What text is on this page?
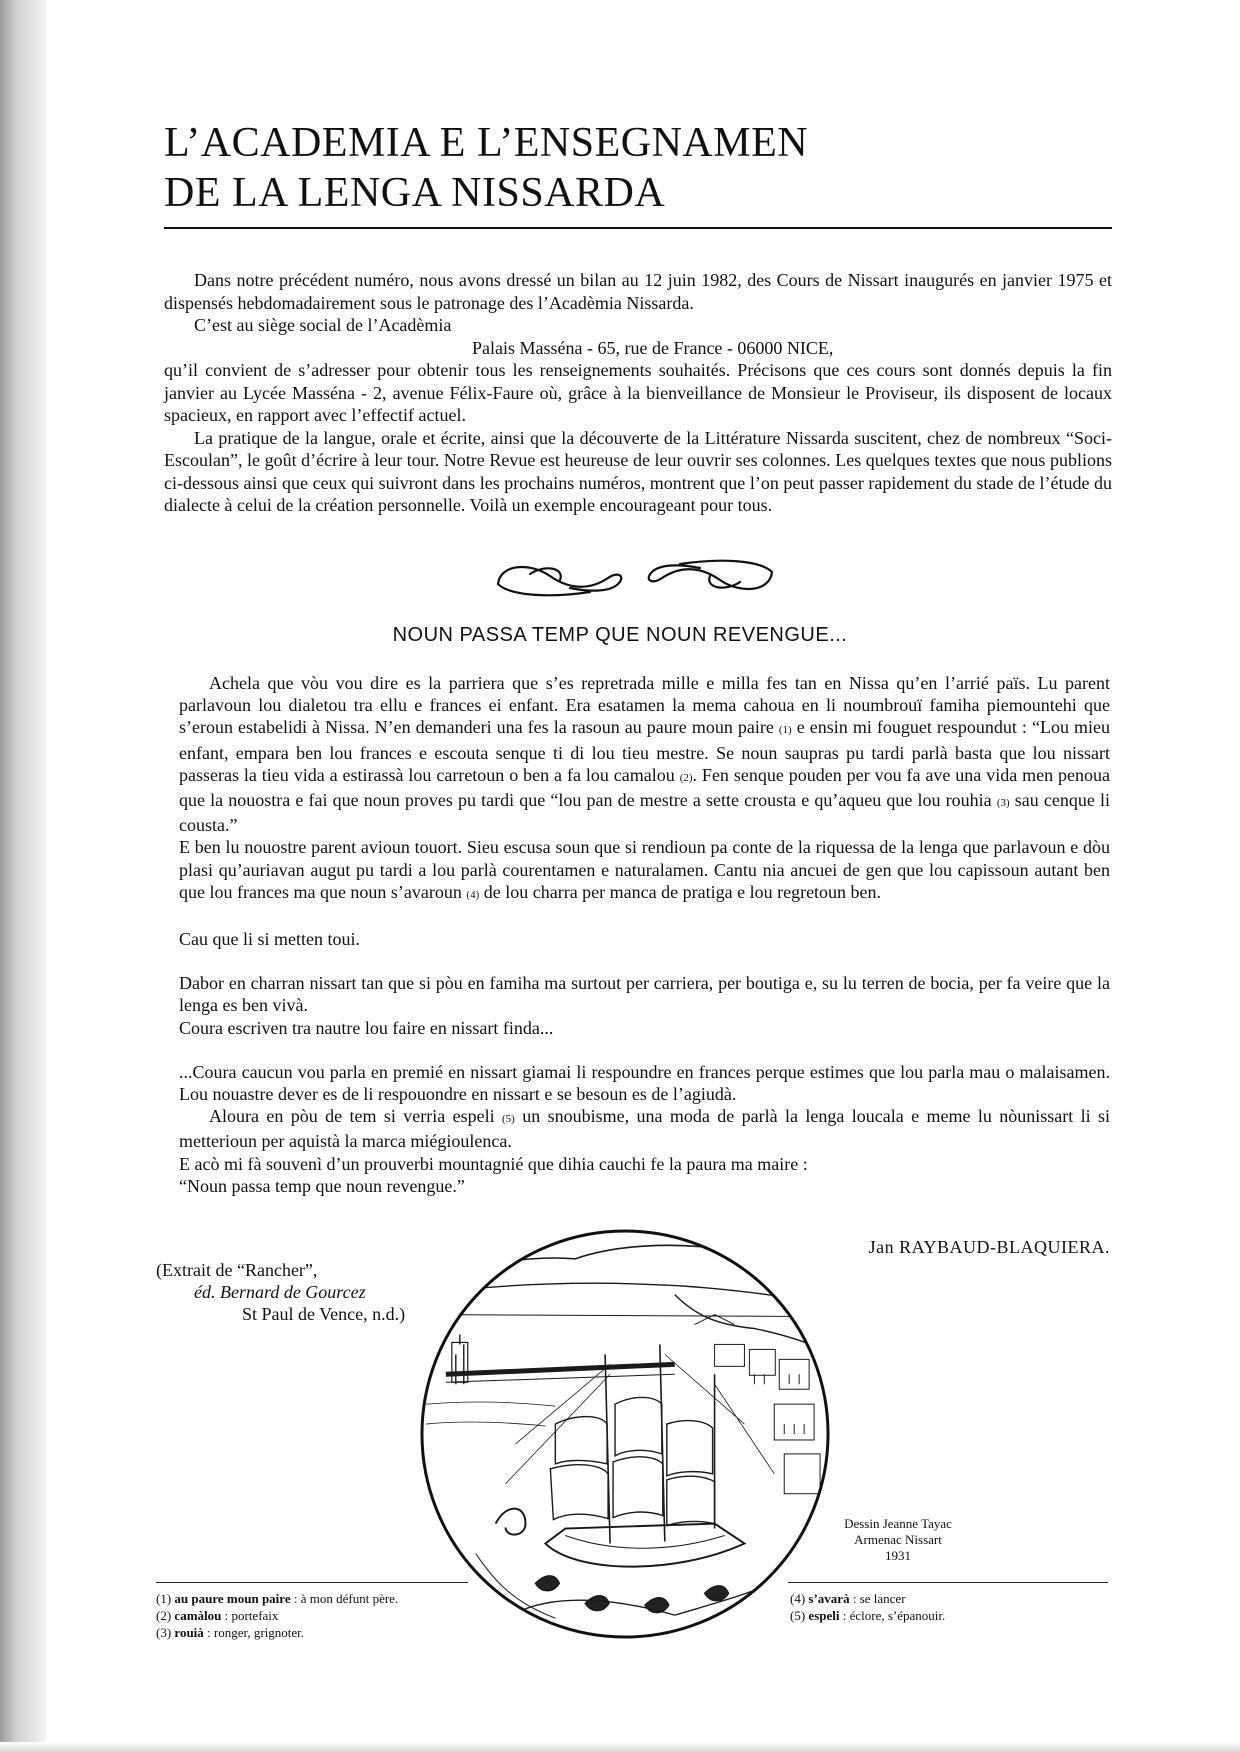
L’ACADEMIA E L’ENSEGNAMEN
DE LA LENGA NISSARDA

Dans notre précédent numéro, nous avons dressé un bilan au 12 juin 1982, des Cours de Nissart inaugurés en janvier 1975 et dispensés hebdomadairement sous le patronage des l’Acadèmia Nissarda.

C’est au siège social de l’Acadèmia

Palais Masséna - 65, rue de France - 06000 NICE,

qu’il convient de s’adresser pour obtenir tous les renseignements souhaités. Précisons que ces cours sont donnés depuis la fin janvier au Lycée Masséna - 2, avenue Félix-Faure où, grâce à la bienveillance de Monsieur le Proviseur, ils disposent de locaux spacieux, en rapport avec l’effectif actuel.

La pratique de la langue, orale et écrite, ainsi que la découverte de la Littérature Nissarda suscitent, chez de nombreux “Soci-Escoulan”, le goût d’écrire à leur tour. Notre Revue est heureuse de leur ouvrir ses colonnes. Les quelques textes que nous publions ci-dessous ainsi que ceux qui suivront dans les prochains numéros, montrent que l’on peut passer rapidement du stade de l’étude du dialecte à celui de la création personnelle. Voilà un exemple encourageant pour tous.

NOUN PASSA TEMP QUE NOUN REVENGUE...

Achela que vòu vou dire es la parriera que s’es repretrada mille e milla fes tan en Nissa qu’en l’arrié païs. Lu parent parlavoun lou dialetou tra ellu e frances ei enfant. Era esatamen la mema cahoua en li noumbrouï famiha piemountehi que s’eroun estabelidi à Nissa. N’en demanderi una fes la rasoun au paure moun paire (1) e ensin mi fouguet respoundut : “Lou mieu enfant, empara ben lou frances e escouta senque ti di lou tieu mestre. Se noun saupras pu tardi parlà basta que lou nissart passeras la tieu vida a estirassà lou carretoun o ben a fa lou camalou (2). Fen senque pouden per vou fa ave una vida men penoua que la nouostra e fai que noun proves pu tardi que “lou pan de mestre a sette crousta e qu’aqueu que lou rouhia (3) sau cenque li cousta.”

E ben lu nouostre parent avioun touort. Sieu escusa soun que si rendioun pa conte de la riquessa de la lenga que parlavoun e dòu plasi qu’auriavan augut pu tardi a lou parlà courentamen e naturalamen. Cantu nia ancuei de gen que lou capissoun autant ben que lou frances ma que noun s’avaroun (4) de lou charra per manca de pratiga e lou regretoun ben.

Cau que li si metten toui.

Dabor en charran nissart tan que si pòu en famiha ma surtout per carriera, per boutiga e, su lu terren de bocia, per fa veire que la lenga es ben vivà.

Coura escriven tra nautre lou faire en nissart finda...

...Coura caucun vou parla en premié en nissart giamai li respoundre en frances perque estimes que lou parla mau o malaisamen. Lou nouastre dever es de li respouondre en nissart e se besoun es de l’agiudà.

Aloura en pòu de tem si verria espeli (5) un snoubisme, una moda de parlà la lenga loucala e meme lu nòunissart li si metterioun per aquistà la marca miégioulenca.

E acò mi fà souvenì d’un prouverbi mountagnié que dihia cauchi fe la paura ma maire :

“Noun passa temp que noun revengue.”

Jan RAYBAUD-BLAQUIERA.
(Extrait de “Rancher”,
éd. Bernard de Gourcez
St Paul de Vence, n.d.)
Dessin Jeanne Tayac
Armenac Nissart
1931
(1) au paure moun paire : à mon défunt père.
(2) camàlou : portefaix
(3) rouià : ronger, grignoter.
(4) s’avarà : se lancer
(5) espeli : éclore, s’épanouir.
